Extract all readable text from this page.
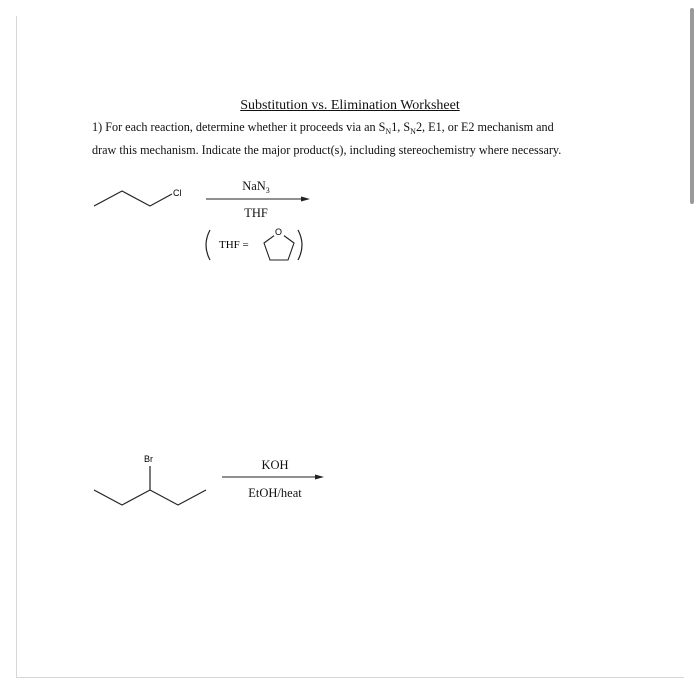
Substitution vs. Elimination Worksheet
1) For each reaction, determine whether it proceeds via an $S_N1$, $S_N2$, E1, or E2 mechanism and
draw this mechanism. Indicate the major product(s), including stereochemistry where necessary.
NaN$_3$
THF
KOH
EtOH/heat
Cl
THF =
O
Br
